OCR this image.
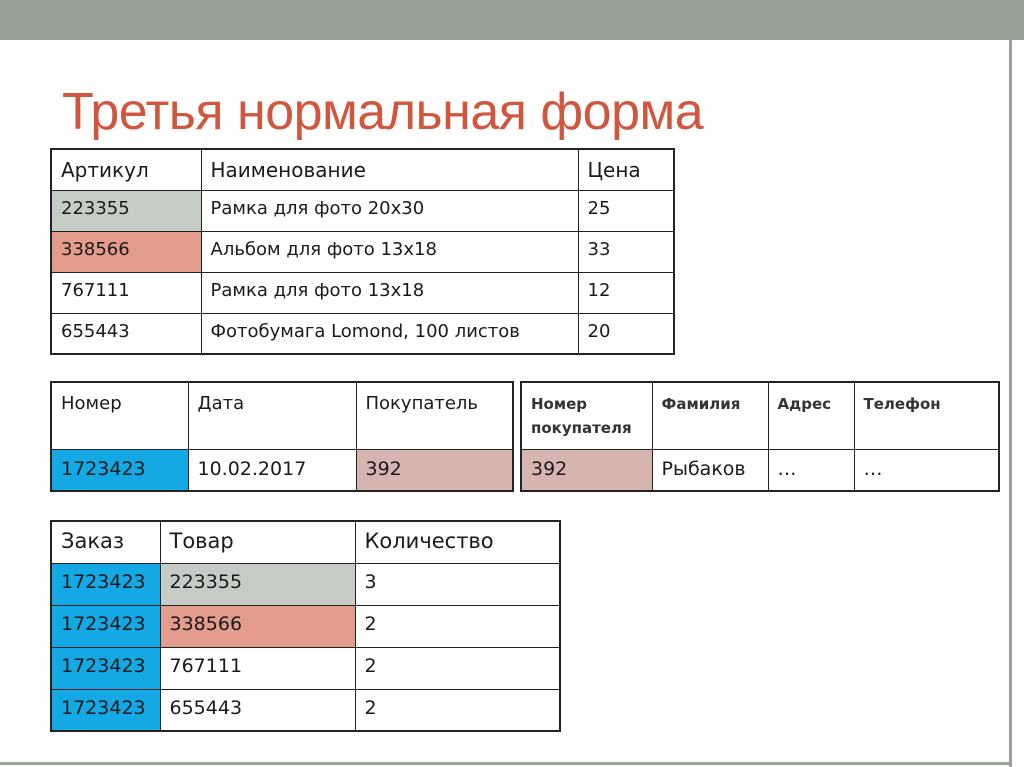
Третья нормальная форма
Артикул	Наименование	Цена
223355	Рамка для фото 20х30	25
338566	Альбом для фото 13х18	33
767111	Рамка для фото 13х18	12
655443	Фотобумага Lomond, 100 листов	20
Номер	Дата	Покупатель
1723423	10.02.2017	392
Номер покупателя	Фамилия	Адрес	Телефон
392	Рыбаков	…	…
Заказ	Товар	Количество
1723423	223355	3
1723423	338566	2
1723423	767111	2
1723423	655443	2
